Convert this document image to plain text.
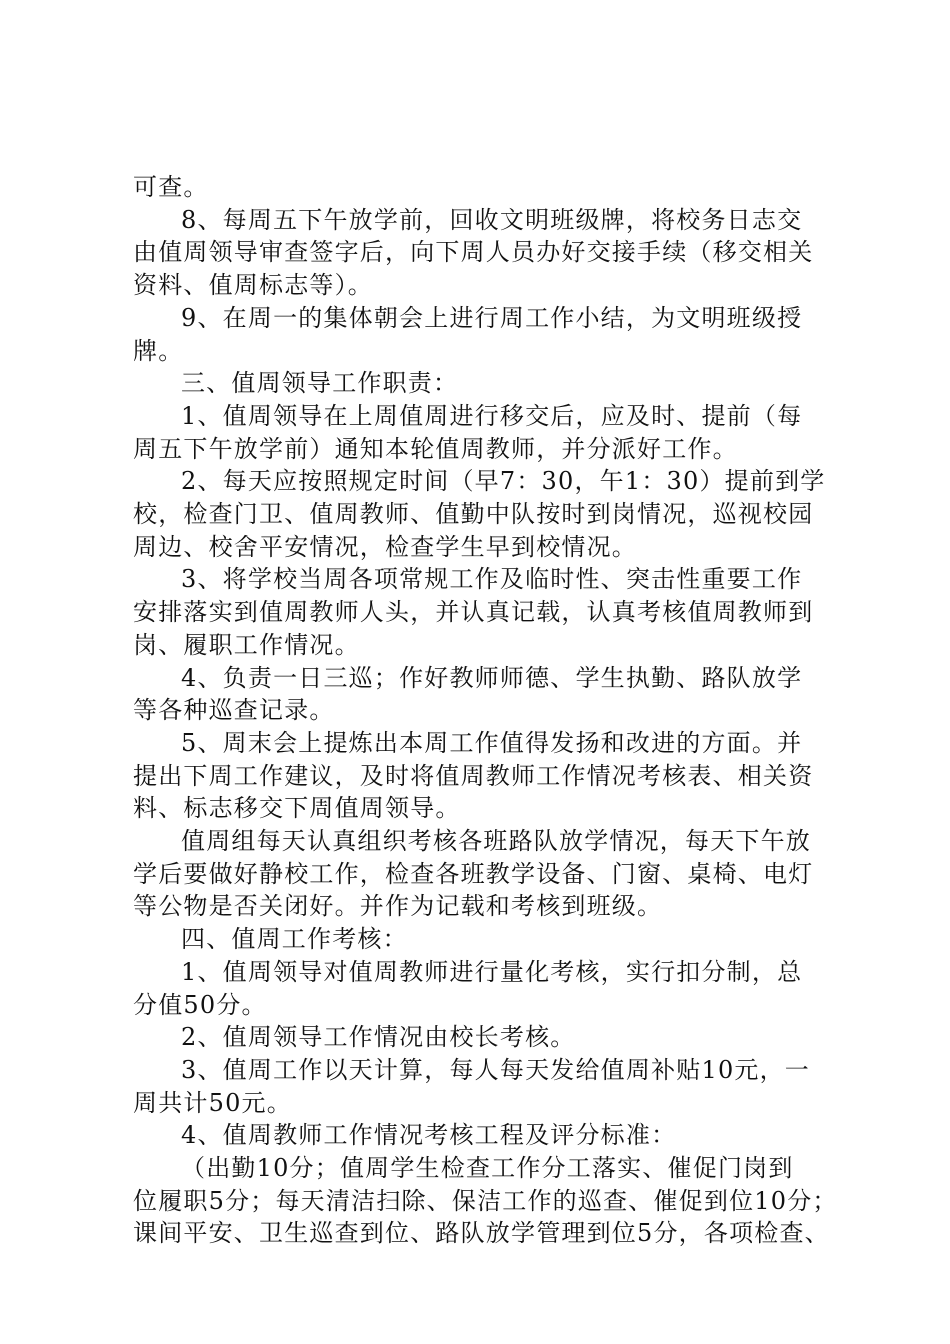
可查。
8、每周五下午放学前，回收文明班级牌，将校务日志交
由值周领导审查签字后，向下周人员办好交接手续（移交相关
资料、值周标志等）。
9、在周一的集体朝会上进行周工作小结，为文明班级授
牌。
三、值周领导工作职责：
1、值周领导在上周值周进行移交后，应及时、提前（每
周五下午放学前）通知本轮值周教师，并分派好工作。
2、每天应按照规定时间（早7：30，午1：30）提前到学
校，检查门卫、值周教师、值勤中队按时到岗情况，巡视校园
周边、校舍平安情况，检查学生早到校情况。
3、将学校当周各项常规工作及临时性、突击性重要工作
安排落实到值周教师人头，并认真记载，认真考核值周教师到
岗、履职工作情况。
4、负责一日三巡；作好教师师德、学生执勤、路队放学
等各种巡查记录。
5、周末会上提炼出本周工作值得发扬和改进的方面。并
提出下周工作建议，及时将值周教师工作情况考核表、相关资
料、标志移交下周值周领导。
值周组每天认真组织考核各班路队放学情况，每天下午放
学后要做好静校工作，检查各班教学设备、门窗、桌椅、电灯
等公物是否关闭好。并作为记载和考核到班级。
四、值周工作考核：
1、值周领导对值周教师进行量化考核，实行扣分制，总
分值50分。
2、值周领导工作情况由校长考核。
3、值周工作以天计算，每人每天发给值周补贴10元，一
周共计50元。
4、值周教师工作情况考核工程及评分标准：
（出勤10分；值周学生检查工作分工落实、催促门岗到
位履职5分；每天清洁扫除、保洁工作的巡查、催促到位10分；
课间平安、卫生巡查到位、路队放学管理到位5分，各项检查、
